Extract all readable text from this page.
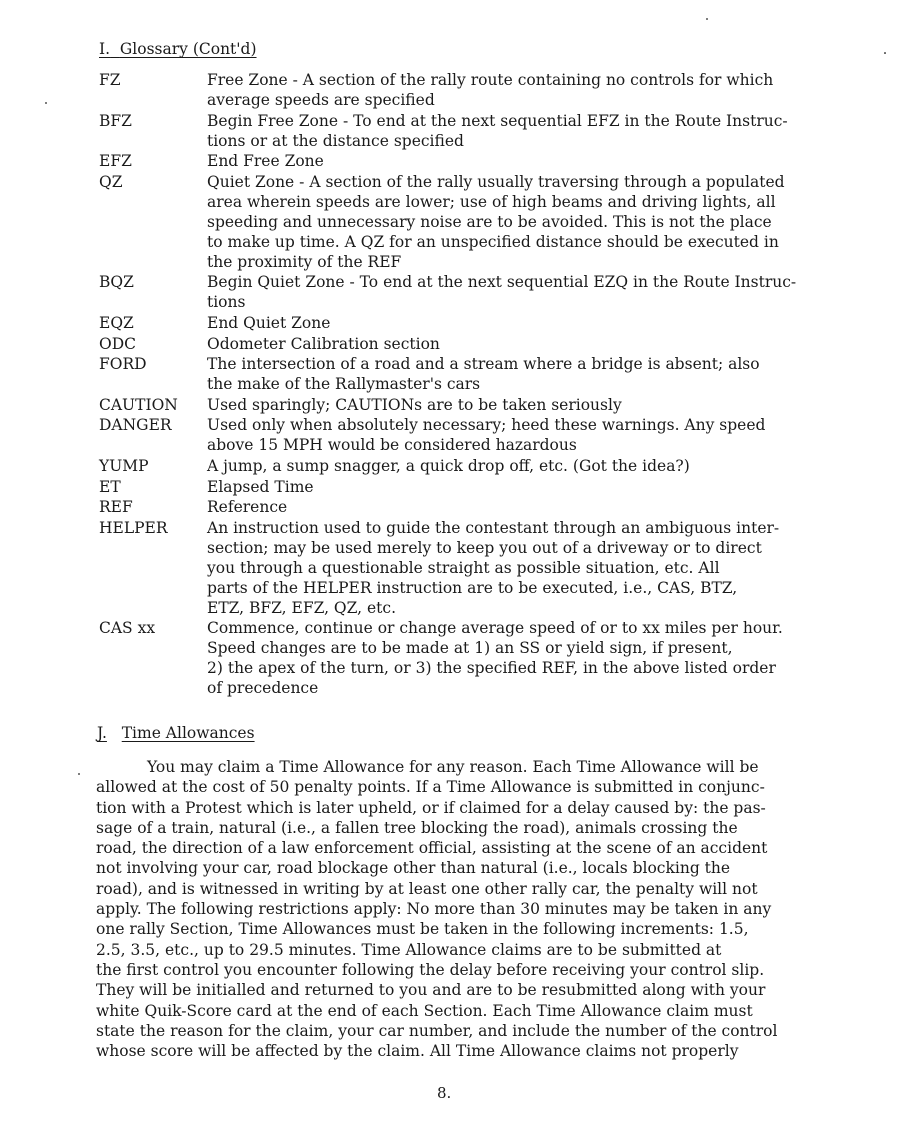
I. Glossary (Cont'd)
FZ	Free Zone - A section of the rally route containing no controls for which
average speeds are specified
BFZ	Begin Free Zone - To end at the next sequential EFZ in the Route Instruc-
tions or at the distance specified
EFZ	End Free Zone
QZ	Quiet Zone - A section of the rally usually traversing through a populated
area wherein speeds are lower; use of high beams and driving lights, all
speeding and unnecessary noise are to be avoided. This is not the place
to make up time. A QZ for an unspecified distance should be executed in
the proximity of the REF
BQZ	Begin Quiet Zone - To end at the next sequential EZQ in the Route Instruc-
tions
EQZ	End Quiet Zone
ODC	Odometer Calibration section
FORD	The intersection of a road and a stream where a bridge is absent; also
the make of the Rallymaster's cars
CAUTION	Used sparingly; CAUTIONs are to be taken seriously
DANGER	Used only when absolutely necessary; heed these warnings. Any speed
above 15 MPH would be considered hazardous
YUMP	A jump, a sump snagger, a quick drop off, etc. (Got the idea?)
ET	Elapsed Time
REF	Reference
HELPER	An instruction used to guide the contestant through an ambiguous inter-
section; may be used merely to keep you out of a driveway or to direct
you through a questionable straight as possible situation, etc. All
parts of the HELPER instruction are to be executed, i.e., CAS, BTZ,
ETZ, BFZ, EFZ, QZ, etc.
CAS xx	Commence, continue or change average speed of or to xx miles per hour.
Speed changes are to be made at 1) an SS or yield sign, if present,
2) the apex of the turn, or 3) the specified REF, in the above listed order
of precedence
J. Time Allowances
You may claim a Time Allowance for any reason. Each Time Allowance will be
allowed at the cost of 50 penalty points. If a Time Allowance is submitted in conjunc-
tion with a Protest which is later upheld, or if claimed for a delay caused by: the pas-
sage of a train, natural (i.e., a fallen tree blocking the road), animals crossing the
road, the direction of a law enforcement official, assisting at the scene of an accident
not involving your car, road blockage other than natural (i.e., locals blocking the
road), and is witnessed in writing by at least one other rally car, the penalty will not
apply. The following restrictions apply: No more than 30 minutes may be taken in any
one rally Section, Time Allowances must be taken in the following increments: 1.5,
2.5, 3.5, etc., up to 29.5 minutes. Time Allowance claims are to be submitted at
the first control you encounter following the delay before receiving your control slip.
They will be initialled and returned to you and are to be resubmitted along with your
white Quik-Score card at the end of each Section. Each Time Allowance claim must
state the reason for the claim, your car number, and include the number of the control
whose score will be affected by the claim. All Time Allowance claims not properly
8.
